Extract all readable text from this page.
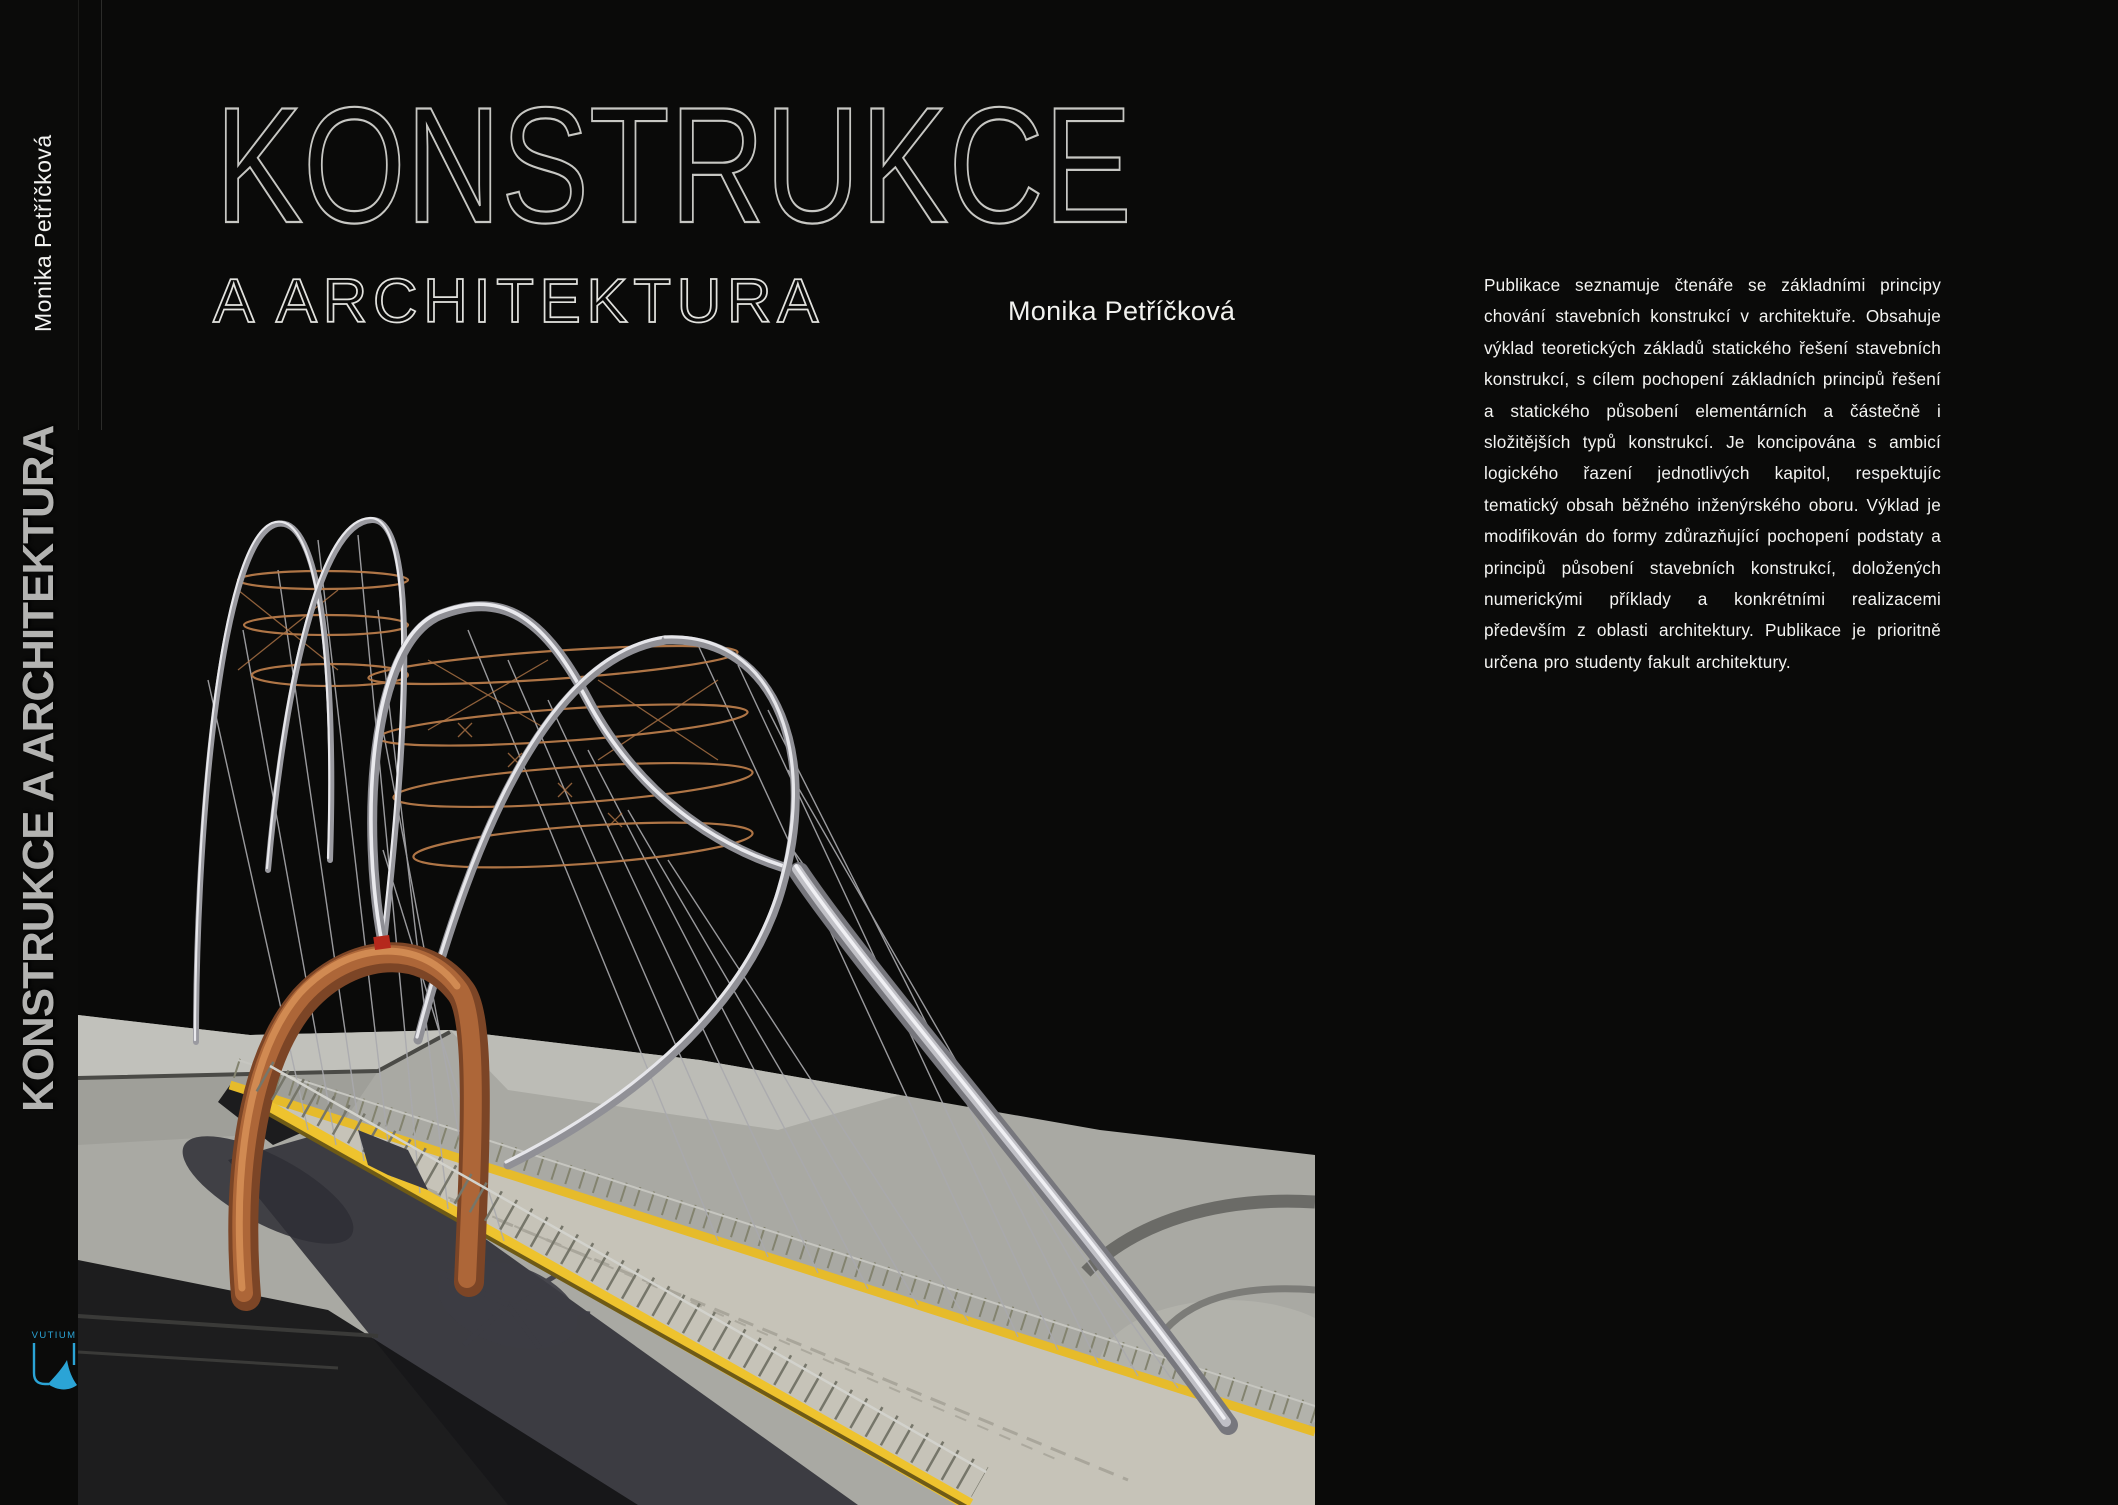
KONSTRUKCE A ARCHITEKTURA
Monika Petříčková
VUTIUM
KONSTRUKCE
A ARCHITEKTURA	Monika Petříčková
Publikace seznamuje čtenáře se základními principy chování stavebních konstrukcí v architektuře. Obsahuje výklad teoretických základů statického řešení stavebních konstrukcí, s cílem pochopení základních principů řešení a statického působení elementárních a částečně i složitějších typů konstrukcí. Je koncipována s ambicí logického řazení jednotlivých kapitol, respektujíc tematický obsah běžného inženýrského oboru. Výklad je modifikován do formy zdůrazňující pochopení podstaty a principů působení stavebních konstrukcí, doložených numerickými příklady a konkrétními realizacemi především z oblasti architektury. Publikace je prioritně určena pro studenty fakult architektury.
